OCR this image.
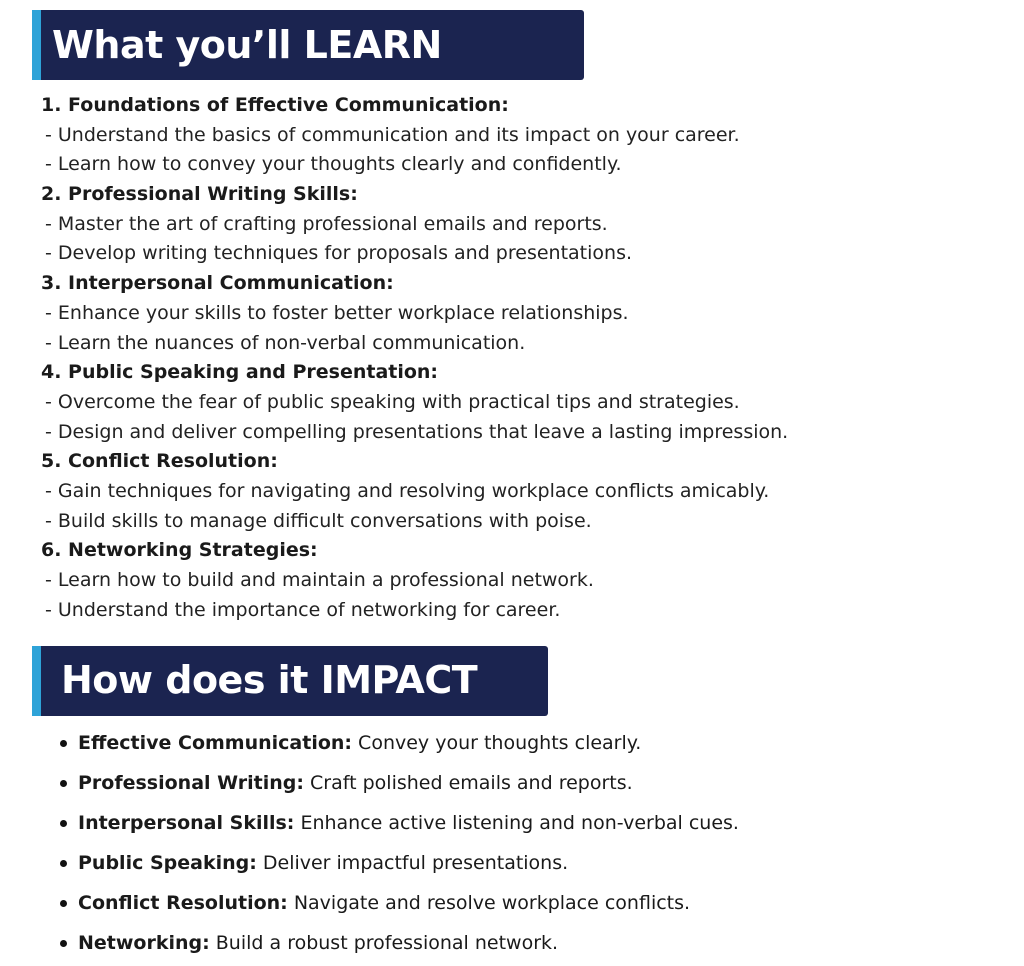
What you’ll LEARN
1. Foundations of Effective Communication:
- Understand the basics of communication and its impact on your career.
- Learn how to convey your thoughts clearly and confidently.
2. Professional Writing Skills:
- Master the art of crafting professional emails and reports.
- Develop writing techniques for proposals and presentations.
3. Interpersonal Communication:
- Enhance your skills to foster better workplace relationships.
- Learn the nuances of non-verbal communication.
4. Public Speaking and Presentation:
- Overcome the fear of public speaking with practical tips and strategies.
- Design and deliver compelling presentations that leave a lasting impression.
5. Conflict Resolution:
- Gain techniques for navigating and resolving workplace conflicts amicably.
- Build skills to manage difficult conversations with poise.
6. Networking Strategies:
- Learn how to build and maintain a professional network.
- Understand the importance of networking for career.
How does it IMPACT
Effective Communication: Convey your thoughts clearly.
Professional Writing: Craft polished emails and reports.
Interpersonal Skills: Enhance active listening and non-verbal cues.
Public Speaking: Deliver impactful presentations.
Conflict Resolution: Navigate and resolve workplace conflicts.
Networking: Build a robust professional network.
